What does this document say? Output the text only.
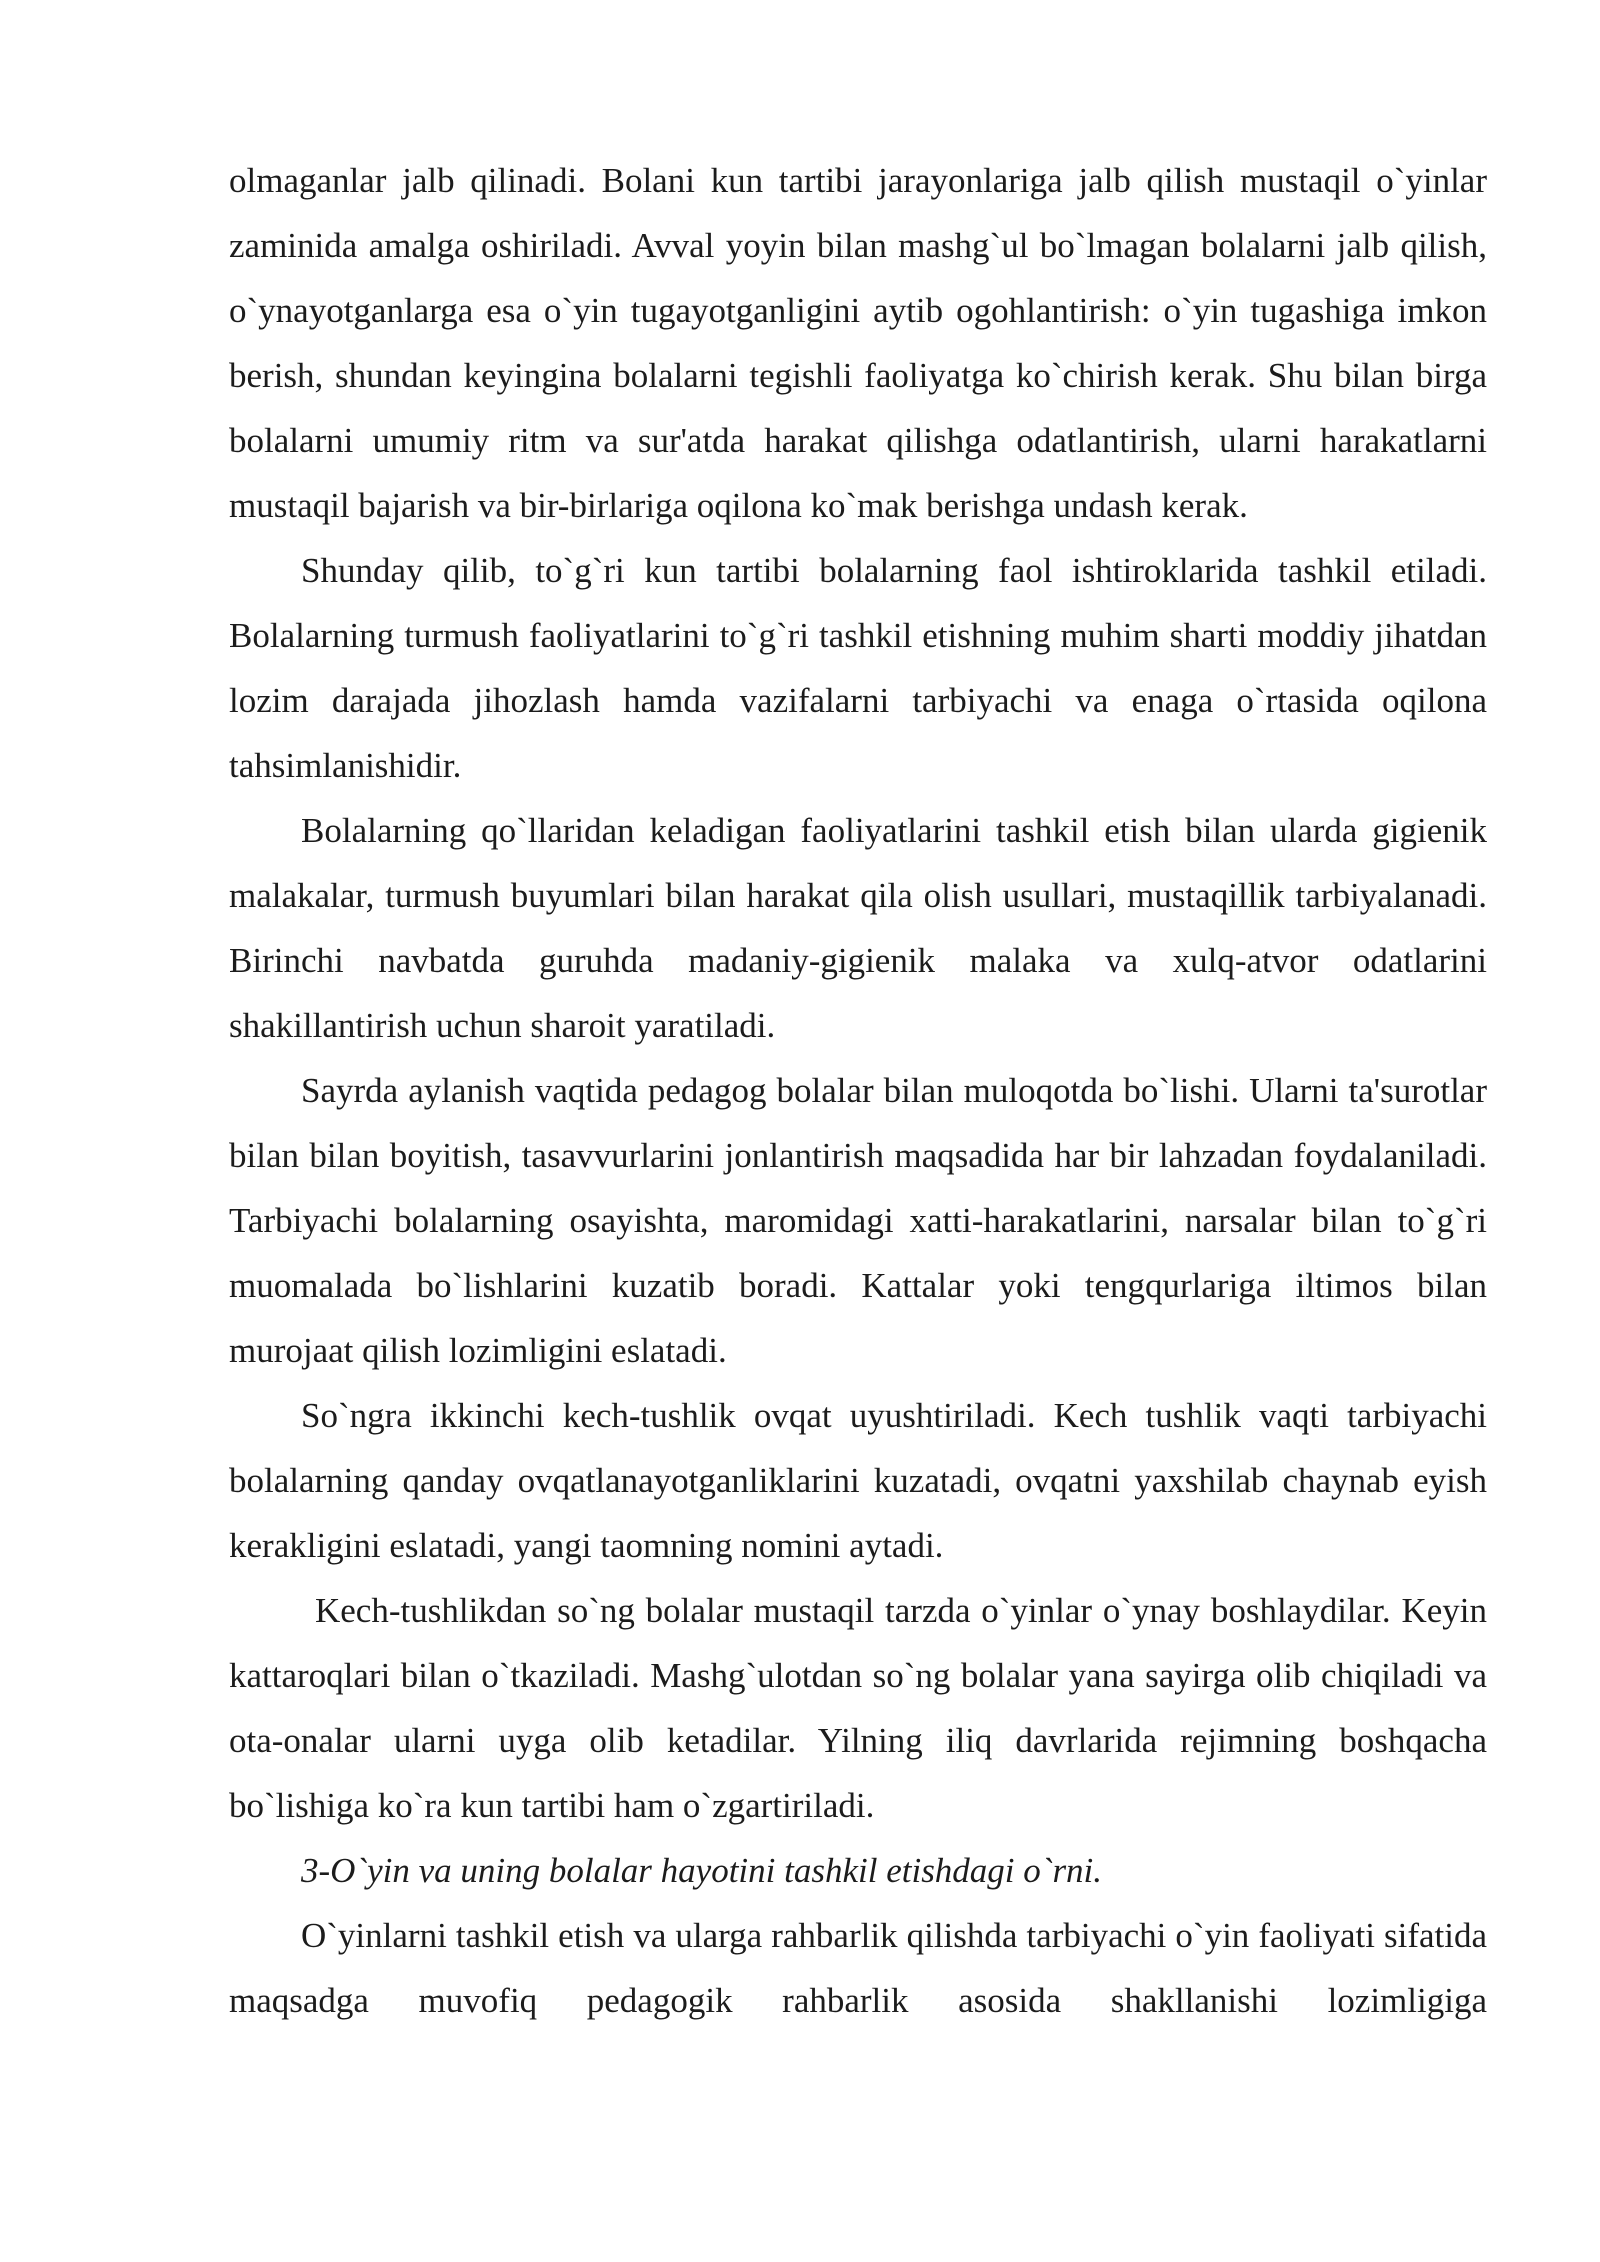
olmaganlar jalb qilinadi. Bolani kun tartibi jarayonlariga jalb qilish mustaqil o`yinlar zaminida amalga oshiriladi. Avval yoyin bilan mashg`ul bo`lmagan bolalarni jalb qilish, o`ynayotganlarga esa o`yin tugayotganligini aytib ogohlantirish: o`yin tugashiga imkon berish, shundan keyingina bolalarni tegishli faoliyatga ko`chirish kerak. Shu bilan birga bolalarni umumiy ritm va sur'atda harakat qilishga odatlantirish, ularni harakatlarni mustaqil bajarish va bir-birlariga oqilona ko`mak berishga undash kerak.

Shunday qilib, to`g`ri kun tartibi bolalarning faol ishtiroklarida tashkil etiladi. Bolalarning turmush faoliyatlarini to`g`ri tashkil etishning muhim sharti moddiy jihatdan lozim darajada jihozlash hamda vazifalarni tarbiyachi va enaga o`rtasida oqilona tahsimlanishidir.

Bolalarning qo`llaridan keladigan faoliyatlarini tashkil etish bilan ularda gigienik malakalar, turmush buyumlari bilan harakat qila olish usullari, mustaqillik tarbiyalanadi. Birinchi navbatda guruhda madaniy-gigienik malaka va xulq-atvor odatlarini shakillantirish uchun sharoit yaratiladi.

Sayrda aylanish vaqtida pedagog bolalar bilan muloqotda bo`lishi. Ularni ta'surotlar bilan bilan boyitish, tasavvurlarini jonlantirish maqsadida har bir lahzadan foydalaniladi. Tarbiyachi bolalarning osayishta, maromidagi xatti-harakatlarini, narsalar bilan to`g`ri muomalada bo`lishlarini kuzatib boradi. Kattalar yoki tengqurlariga iltimos bilan murojaat qilish lozimligini eslatadi.

So`ngra ikkinchi kech-tushlik ovqat uyushtiriladi. Kech tushlik vaqti tarbiyachi bolalarning qanday ovqatlanayotganliklarini kuzatadi, ovqatni yaxshilab chaynab eyish kerakligini eslatadi, yangi taomning nomini aytadi.

Kech-tushlikdan so`ng bolalar mustaqil tarzda o`yinlar o`ynay boshlaydilar. Keyin kattaroqlari bilan o`tkaziladi. Mashg`ulotdan so`ng bolalar yana sayirga olib chiqiladi va ota-onalar ularni uyga olib ketadilar. Yilning iliq davrlarida rejimning boshqacha bo`lishiga ko`ra kun tartibi ham o`zgartiriladi.

3-O`yin va uning bolalar hayotini tashkil etishdagi o`rni.

O`yinlarni tashkil etish va ularga rahbarlik qilishda tarbiyachi o`yin faoliyati sifatida maqsadga muvofiq pedagogik rahbarlik asosida shakllanishi lozimligiga
